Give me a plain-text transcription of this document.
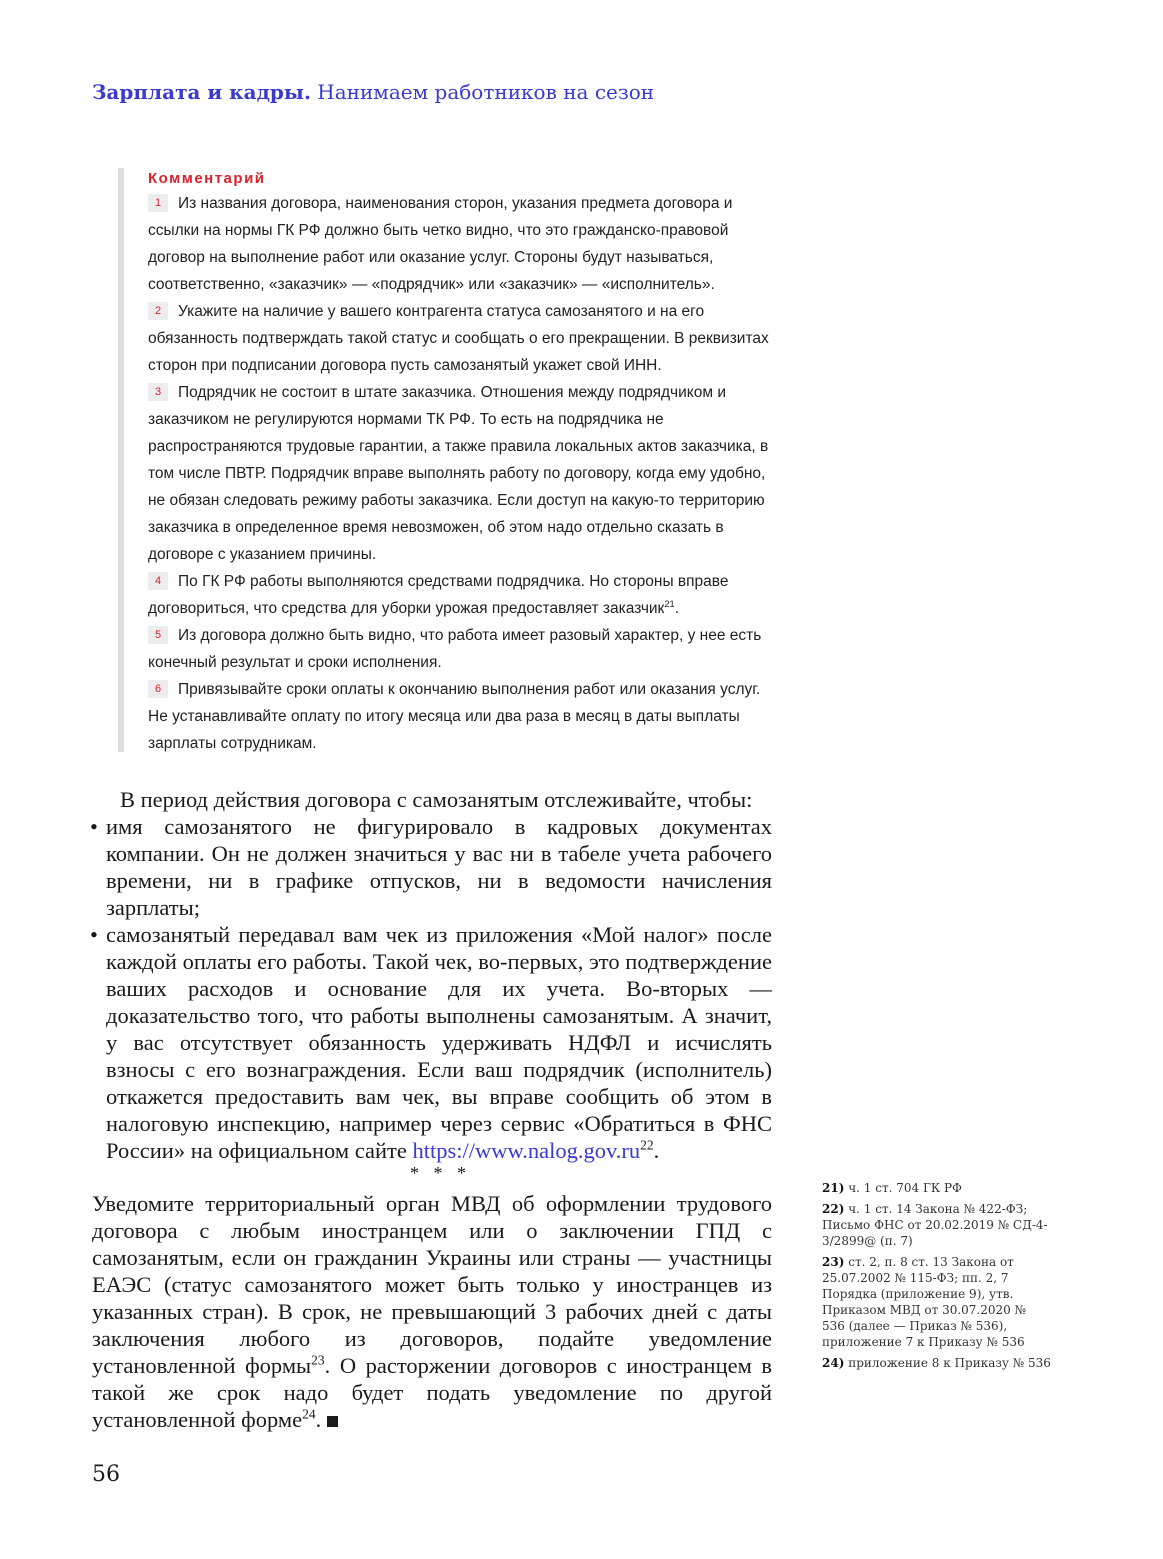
Зарплата и кадры. Нанимаем работников на сезон

Комментарий

1 Из названия договора, наименования сторон, указания предмета договора и ссылки на нормы ГК РФ должно быть четко видно, что это гражданско-правовой договор на выполнение работ или оказание услуг. Стороны будут называться, соответственно, «заказчик» — «подрядчик» или «заказчик» — «исполнитель».
2 Укажите на наличие у вашего контрагента статуса самозанятого и на его обязанность подтверждать такой статус и сообщать о его прекращении. В реквизитах сторон при подписании договора пусть самозанятый укажет свой ИНН.
3 Подрядчик не состоит в штате заказчика. Отношения между подрядчиком и заказчиком не регулируются нормами ТК РФ. То есть на подрядчика не распространяются трудовые гарантии, а также правила локальных актов заказчика, в том числе ПВТР. Подрядчик вправе выполнять работу по договору, когда ему удобно, не обязан следовать режиму работы заказчика. Если доступ на какую-то территорию заказчика в определенное время невозможен, об этом надо отдельно сказать в договоре с указанием причины.
4 По ГК РФ работы выполняются средствами подрядчика. Но стороны вправе договориться, что средства для уборки урожая предоставляет заказчик$^{21}$.
5 Из договора должно быть видно, что работа имеет разовый характер, у нее есть конечный результат и сроки исполнения.
6 Привязывайте сроки оплаты к окончанию выполнения работ или оказания услуг. Не устанавливайте оплату по итогу месяца или два раза в месяц в даты выплаты зарплаты сотрудникам.

В период действия договора с самозанятым отслеживайте, чтобы:

• имя самозанятого не фигурировало в кадровых документах компании. Он не должен значиться у вас ни в табеле учета рабочего времени, ни в графике отпусков, ни в ведомости начисления зарплаты;
• самозанятый передавал вам чек из приложения «Мой налог» после каждой оплаты его работы. Такой чек, во-первых, это подтверждение ваших расходов и основание для их учета. Во-вторых — доказательство того, что работы выполнены самозанятым. А значит, у вас отсутствует обязанность удерживать НДФЛ и исчислять взносы с его вознаграждения. Если ваш подрядчик (исполнитель) откажется предоставить вам чек, вы вправе сообщить об этом в налоговую инспекцию, например через сервис «Обратиться в ФНС России» на официальном сайте $https://www.nalog.gov.ru^{22}$.
* * *

Уведомите территориальный орган МВД об оформлении трудового договора с любым иностранцем или о заключении ГПД с самозанятым, если он гражданин Украины или страны — участницы ЕАЭС (статус самозанятого может быть только у иностранцев из указанных стран). В срок, не превышающий 3 рабочих дней с даты заключения любого из договоров, подайте уведомление установленной формы$^{23}$. О расторжении договоров с иностранцем в такой же срок надо будет подать уведомление по другой установленной форме$^{24}$.

21) ч. 1 ст. 704 ГК РФ

22) ч. 1 ст. 14 Закона № 422-ФЗ; Письмо ФНС от 20.02.2019 № СД-4-3/2899@ (п. 7)

23) ст. 2, п. 8 ст. 13 Закона от 25.07.2002 № 115-ФЗ; пп. 2, 7 Порядка (приложение 9), утв. Приказом МВД от 30.07.2020 № 536 (далее — Приказ № 536), приложение 7 к Приказу № 536

24) приложение 8 к Приказу № 536

56
